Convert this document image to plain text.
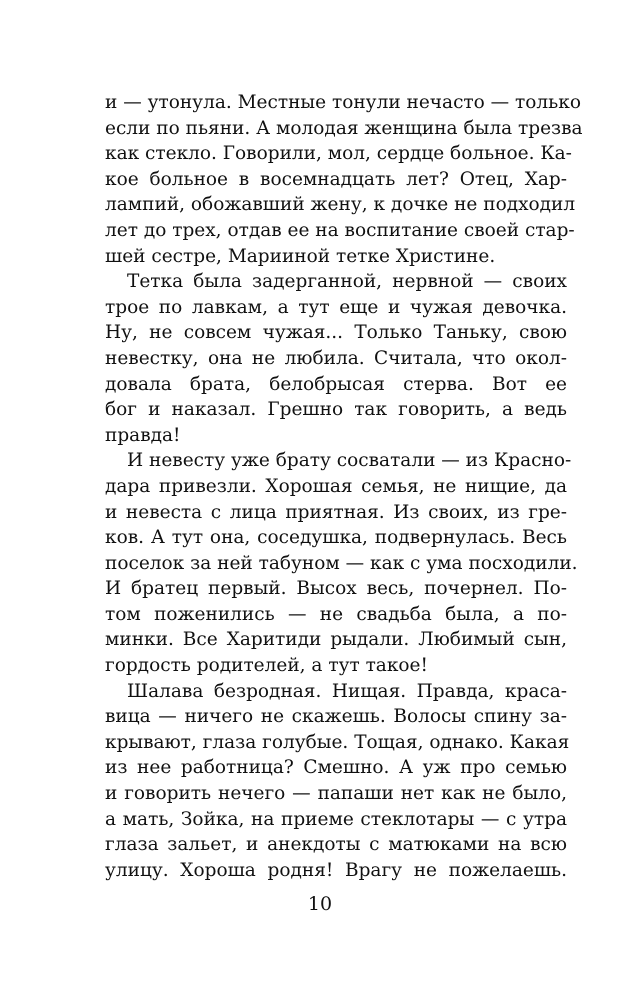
и — утонула. Местные тонули нечасто — только
если по пьяни. А молодая женщина была трезва
как стекло. Говорили, мол, сердце больное. Ка-
кое больное в восемнадцать лет? Отец, Хар-
лампий, обожавший жену, к дочке не подходил
лет до трех, отдав ее на воспитание своей стар-
шей сестре, Марииной тетке Христине.
Тетка была задерганной, нервной — своих
трое по лавкам, а тут еще и чужая девочка.
Ну, не совсем чужая... Только Таньку, свою
невестку, она не любила. Считала, что окол-
довала брата, белобрысая стерва. Вот ее
бог и наказал. Грешно так говорить, а ведь
правда!
И невесту уже брату сосватали — из Красно-
дара привезли. Хорошая семья, не нищие, да
и невеста с лица приятная. Из своих, из гре-
ков. А тут она, соседушка, подвернулась. Весь
поселок за ней табуном — как с ума посходили.
И братец первый. Высох весь, почернел. По-
том поженились — не свадьба была, а по-
минки. Все Харитиди рыдали. Любимый сын,
гордость родителей, а тут такое!
Шалава безродная. Нищая. Правда, краса-
вица — ничего не скажешь. Волосы спину за-
крывают, глаза голубые. Тощая, однако. Какая
из нее работница? Смешно. А уж про семью
и говорить нечего — папаши нет как не было,
а мать, Зойка, на приеме стеклотары — с утра
глаза зальет, и анекдоты с матюками на всю
улицу. Хороша родня! Врагу не пожелаешь.
10
